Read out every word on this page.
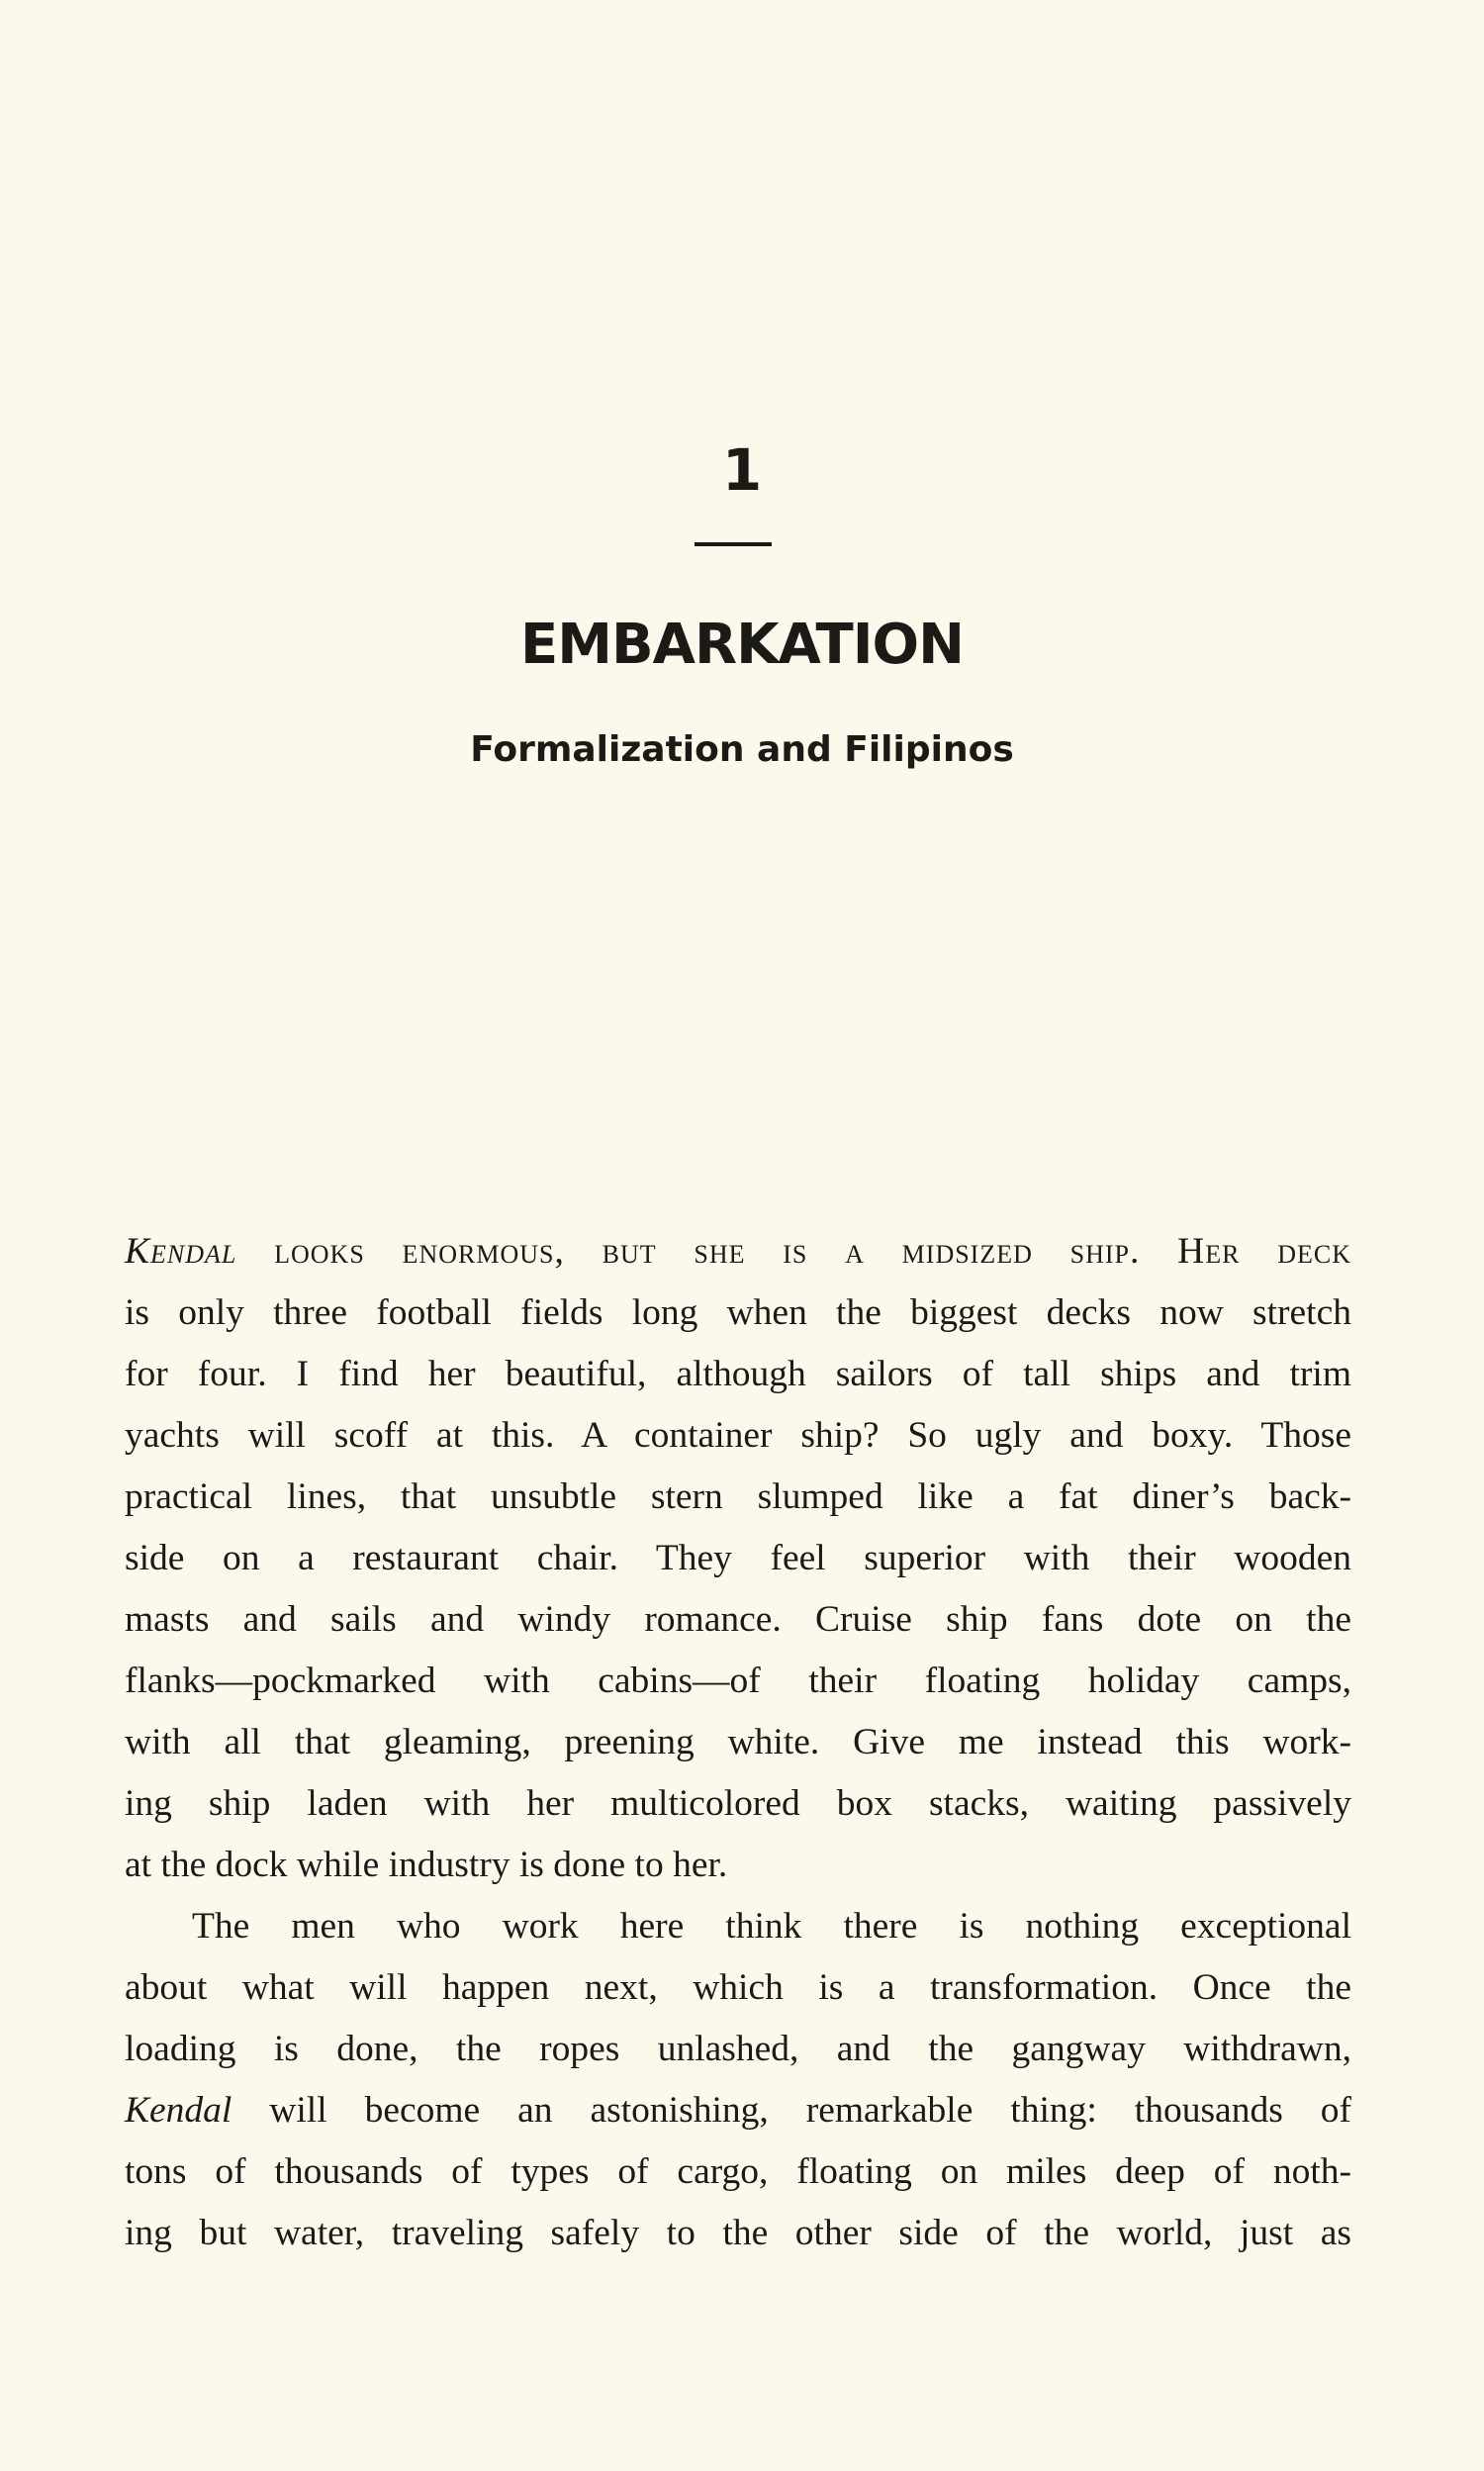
1
EMBARKATION
Formalization and Filipinos
Kendal looks enormous, but she is a midsized ship. Her deck
is only three football fields long when the biggest decks now stretch
for four. I find her beautiful, although sailors of tall ships and trim
yachts will scoff at this. A container ship? So ugly and boxy. Those
practical lines, that unsubtle stern slumped like a fat diner’s back-
side on a restaurant chair. They feel superior with their wooden
masts and sails and windy romance. Cruise ship fans dote on the
flanks—pockmarked with cabins—of their floating holiday camps,
with all that gleaming, preening white. Give me instead this work-
ing ship laden with her multicolored box stacks, waiting passively
at the dock while industry is done to her.
The men who work here think there is nothing exceptional
about what will happen next, which is a transformation. Once the
loading is done, the ropes unlashed, and the gangway withdrawn,
Kendal will become an astonishing, remarkable thing: thousands of
tons of thousands of types of cargo, floating on miles deep of noth-
ing but water, traveling safely to the other side of the world, just as
